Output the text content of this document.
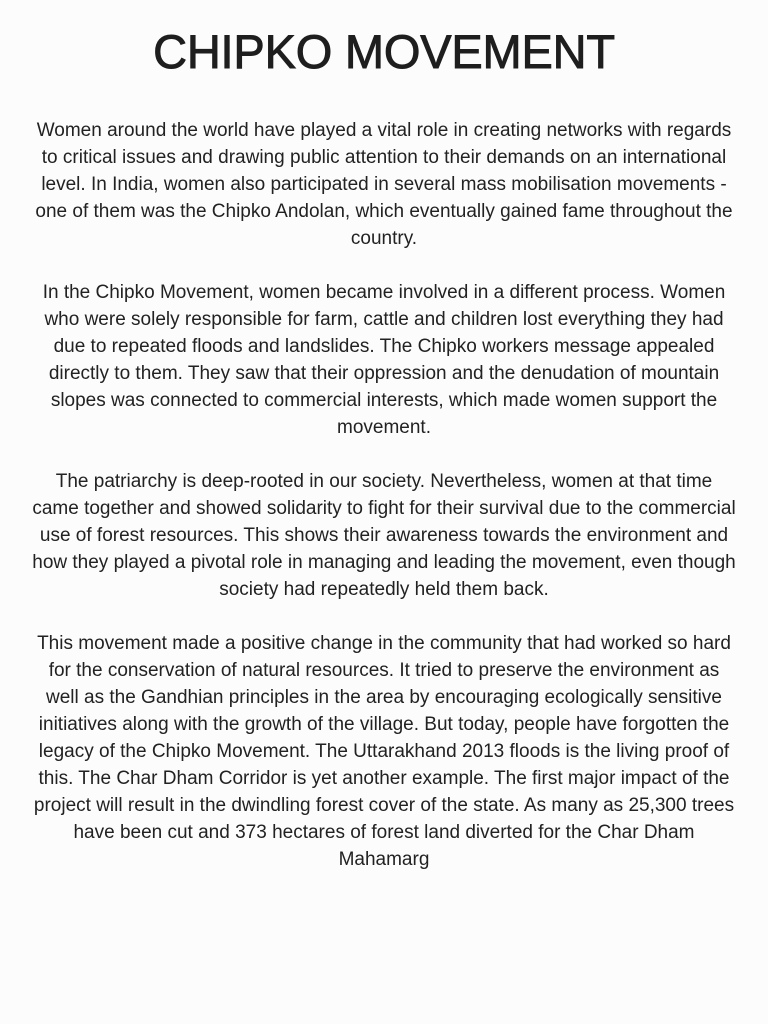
CHIPKO MOVEMENT

Women around the world have played a vital role in creating networks with regards to critical issues and drawing public attention to their demands on an international level. In India, women also participated in several mass mobilisation movements - one of them was the Chipko Andolan, which eventually gained fame throughout the country.

In the Chipko Movement, women became involved in a different process. Women who were solely responsible for farm, cattle and children lost everything they had due to repeated floods and landslides. The Chipko workers message appealed directly to them. They saw that their oppression and the denudation of mountain slopes was connected to commercial interests, which made women support the movement.

The patriarchy is deep-rooted in our society. Nevertheless, women at that time came together and showed solidarity to fight for their survival due to the commercial use of forest resources. This shows their awareness towards the environment and how they played a pivotal role in managing and leading the movement, even though society had repeatedly held them back.

This movement made a positive change in the community that had worked so hard for the conservation of natural resources. It tried to preserve the environment as well as the Gandhian principles in the area by encouraging ecologically sensitive initiatives along with the growth of the village. But today, people have forgotten the legacy of the Chipko Movement. The Uttarakhand 2013 floods is the living proof of this. The Char Dham Corridor is yet another example. The first major impact of the project will result in the dwindling forest cover of the state. As many as 25,300 trees have been cut and 373 hectares of forest land diverted for the Char Dham Mahamarg
